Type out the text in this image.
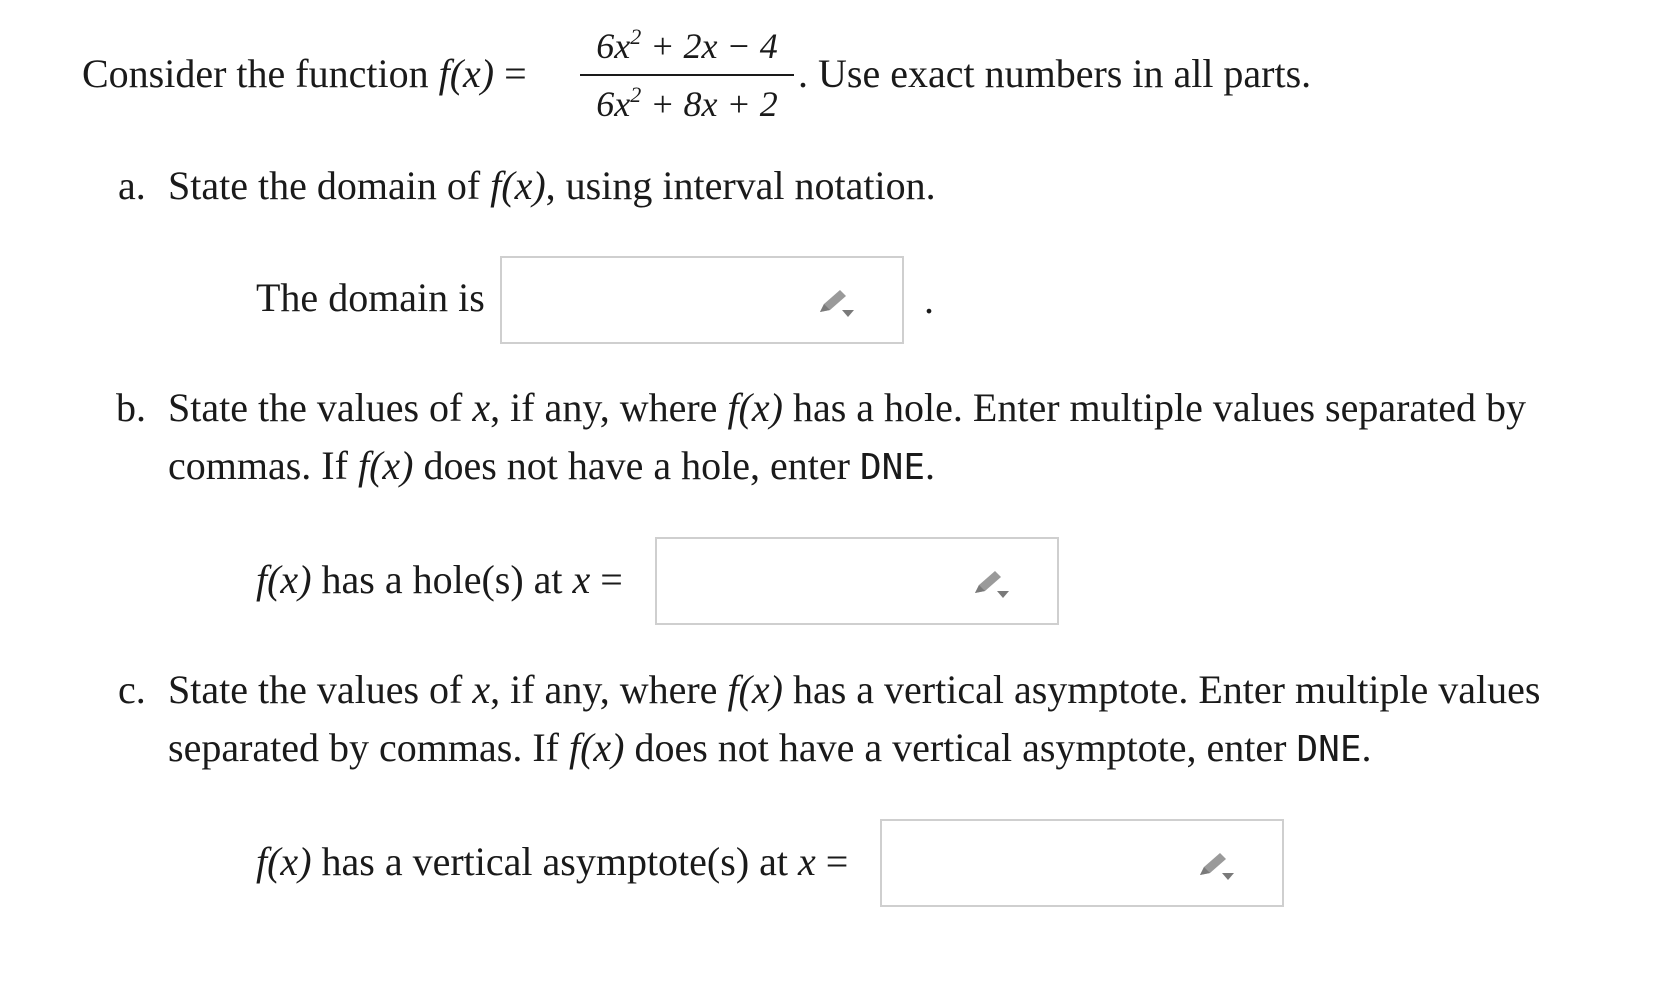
Consider the function f(x) =
$6x^2 + 2x - 4$
$6x^2 + 8x + 2$
. Use exact numbers in all parts.
a. State the domain of f(x), using interval notation.
The domain is	.
b. State the values of x, if any, where f(x) has a hole. Enter multiple values separated by
commas. If f(x) does not have a hole, enter DNE.
f(x) has a hole(s) at x =
c. State the values of x, if any, where f(x) has a vertical asymptote. Enter multiple values
separated by commas. If f(x) does not have a vertical asymptote, enter DNE.
f(x) has a vertical asymptote(s) at x =
